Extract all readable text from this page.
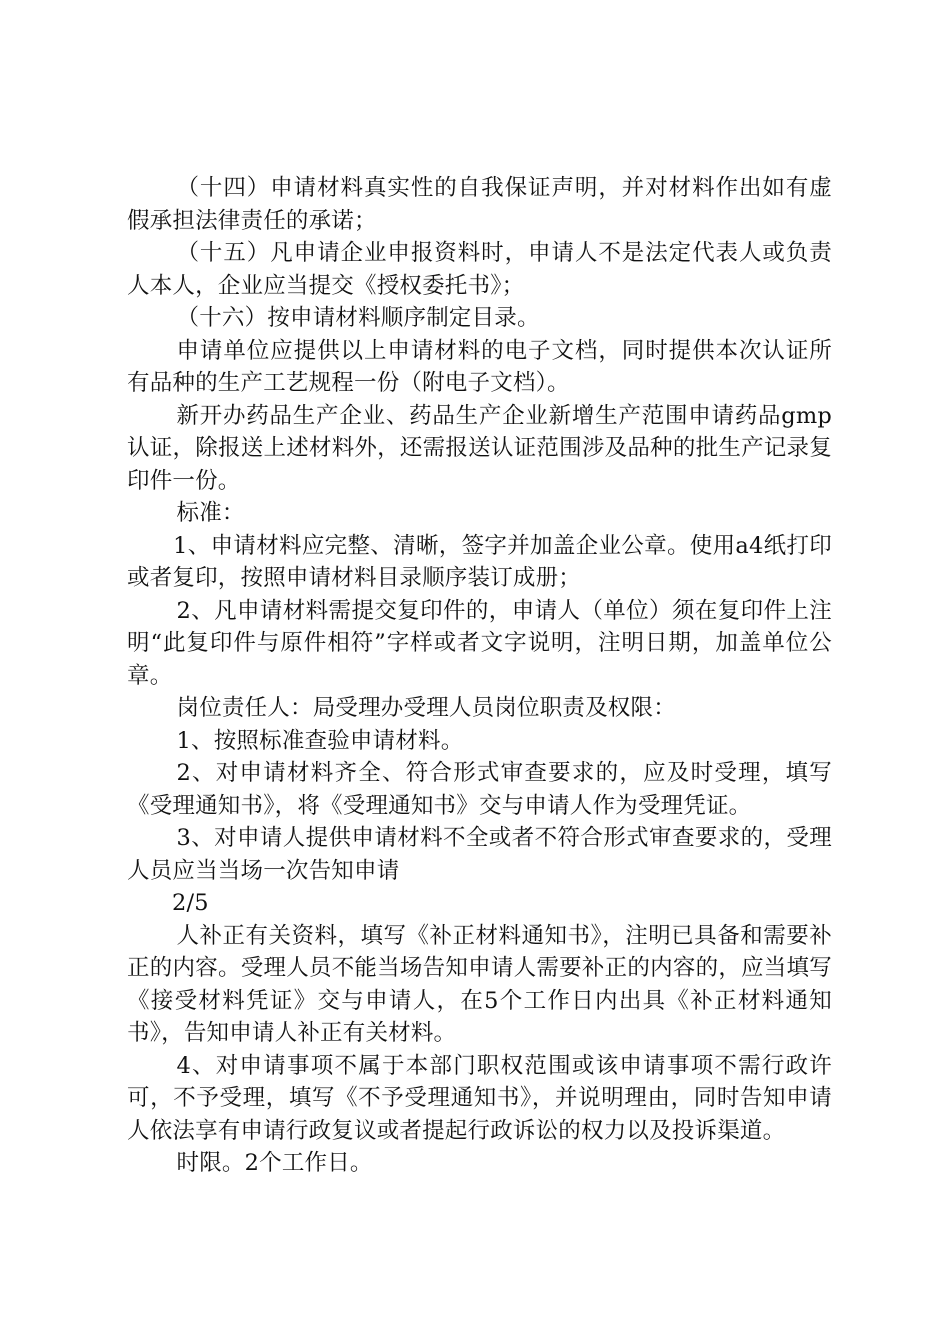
（十四）申请材料真实性的自我保证声明，并对材料作出如有虚假承担法律责任的承诺；

（十五）凡申请企业申报资料时，申请人不是法定代表人或负责人本人，企业应当提交《授权委托书》；

（十六）按申请材料顺序制定目录。

申请单位应提供以上申请材料的电子文档，同时提供本次认证所有品种的生产工艺规程一份（附电子文档）。

新开办药品生产企业、药品生产企业新增生产范围申请药品gmp认证，除报送上述材料外，还需报送认证范围涉及品种的批生产记录复印件一份。

标准：

1、申请材料应完整、清晰，签字并加盖企业公章。使用a4纸打印或者复印，按照申请材料目录顺序装订成册；

2、凡申请材料需提交复印件的，申请人（单位）须在复印件上注明“此复印件与原件相符”字样或者文字说明，注明日期，加盖单位公章。

岗位责任人：局受理办受理人员岗位职责及权限：

1、按照标准查验申请材料。

2、对申请材料齐全、符合形式审查要求的，应及时受理，填写《受理通知书》，将《受理通知书》交与申请人作为受理凭证。

3、对申请人提供申请材料不全或者不符合形式审查要求的，受理人员应当当场一次告知申请

2/5

人补正有关资料，填写《补正材料通知书》，注明已具备和需要补正的内容。受理人员不能当场告知申请人需要补正的内容的，应当填写《接受材料凭证》交与申请人，在5个工作日内出具《补正材料通知书》，告知申请人补正有关材料。

4、对申请事项不属于本部门职权范围或该申请事项不需行政许可，不予受理，填写《不予受理通知书》，并说明理由，同时告知申请人依法享有申请行政复议或者提起行政诉讼的权力以及投诉渠道。

时限。2个工作日。
